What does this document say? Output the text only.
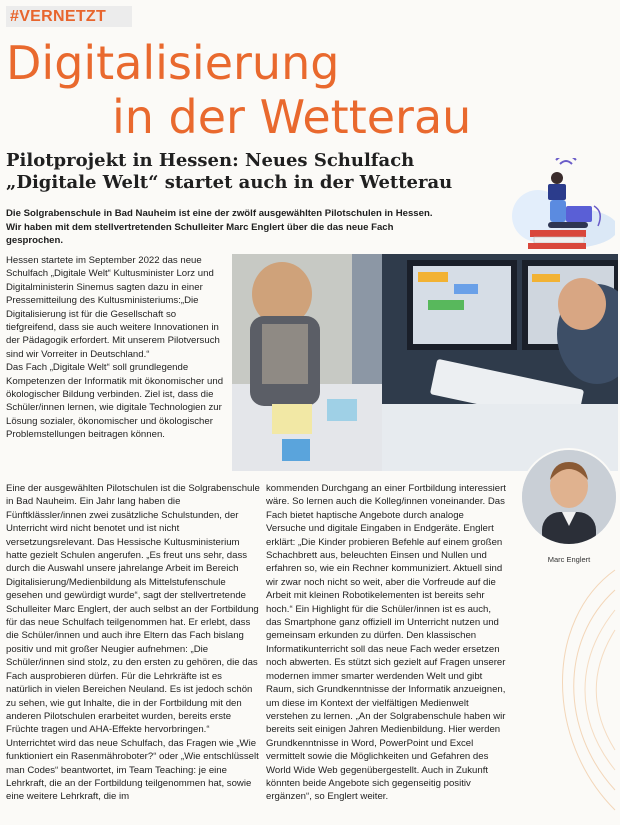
#VERNETZT
Digitalisierung
in der Wetterau
Pilotprojekt in Hessen: Neues Schulfach „Digitale Welt“ startet auch in der Wetterau

Die Solgrabenschule in Bad Nauheim ist eine der zwölf ausgewählten Pilotschulen in Hessen. Wir haben mit dem stellvertretenden Schulleiter Marc Englert über die das neue Fach gesprochen.

Hessen startete im September 2022 das neue Schulfach „Digitale Welt“ Kultusminister Lorz und Digitalministerin Sinemus sagten dazu in einer Pressemitteilung des Kultusministeriums:„Die Digitalisierung ist für die Gesellschaft so tiefgreifend, dass sie auch weitere Innovationen in der Pädagogik erfordert. Mit unserem Pilotversuch sind wir Vorreiter in Deutschland.“

Das Fach „Digitale Welt“ soll grundlegende Kompetenzen der Informatik mit ökonomischer und ökologischer Bildung verbinden. Ziel ist, dass die Schüler/innen lernen, wie digitale Technologien zur Lösung sozialer, ökonomischer und ökologischer Problemstellungen beitragen können.

Marc Englert

Eine der ausgewählten Pilotschulen ist die Solgrabenschule in Bad Nauheim. Ein Jahr lang haben die Fünftklässler/innen zwei zusätzliche Schulstunden, der Unterricht wird nicht benotet und ist nicht versetzungsrelevant. Das Hessische Kultusministerium hatte gezielt Schulen angerufen. „Es freut uns sehr, dass durch die Auswahl unsere jahrelange Arbeit im Bereich Digitalisierung/Medienbildung als Mittelstufenschule gesehen und gewürdigt wurde“, sagt der stellvertretende Schulleiter Marc Englert, der auch selbst an der Fortbildung für das neue Schulfach teilgenommen hat. Er erlebt, dass die Schüler/innen und auch ihre Eltern das Fach bislang positiv und mit großer Neugier aufnehmen: „Die Schüler/innen sind stolz, zu den ersten zu gehören, die das Fach ausprobieren dürfen. Für die Lehrkräfte ist es natürlich in vielen Bereichen Neuland. Es ist jedoch schön zu sehen, wie gut Inhalte, die in der Fortbildung mit den anderen Pilotschulen erarbeitet wurden, bereits erste Früchte tragen und AHA-Effekte hervorbringen.“

Unterrichtet wird das neue Schulfach, das Fragen wie „Wie funktioniert ein Rasenmähroboter?“ oder „Wie entschlüsselt man Codes“ beantwortet, im Team Teaching: je eine Lehrkraft, die an der Fortbildung teilgenommen hat, sowie eine weitere Lehrkraft, die im

kommenden Durchgang an einer Fortbildung interessiert wäre. So lernen auch die Kolleg/innen voneinander. Das Fach bietet haptische Angebote durch analoge Versuche und digitale Eingaben in Endgeräte. Englert erklärt: „Die Kinder probieren Befehle auf einem großen Schachbrett aus, beleuchten Einsen und Nullen und erfahren so, wie ein Rechner kommuniziert. Aktuell sind wir zwar noch nicht so weit, aber die Vorfreude auf die Arbeit mit kleinen Robotikelementen ist bereits sehr hoch.“ Ein Highlight für die Schüler/innen ist es auch, das Smartphone ganz offiziell im Unterricht nutzen und gemeinsam erkunden zu dürfen. Den klassischen Informatikunterricht soll das neue Fach weder ersetzen noch abwerten. Es stützt sich gezielt auf Fragen unserer modernen immer smarter werdenden Welt und gibt Raum, sich Grundkenntnisse der Informatik anzueignen, um diese im Kontext der vielfältigen Medienwelt verstehen zu lernen. „An der Solgrabenschule haben wir bereits seit einigen Jahren Medienbildung. Hier werden Grundkenntnisse in Word, PowerPoint und Excel vermittelt sowie die Möglichkeiten und Gefahren des World Wide Web gegenübergestellt. Auch in Zukunft könnten beide Angebote sich gegenseitig positiv ergänzen“, so Englert weiter.
